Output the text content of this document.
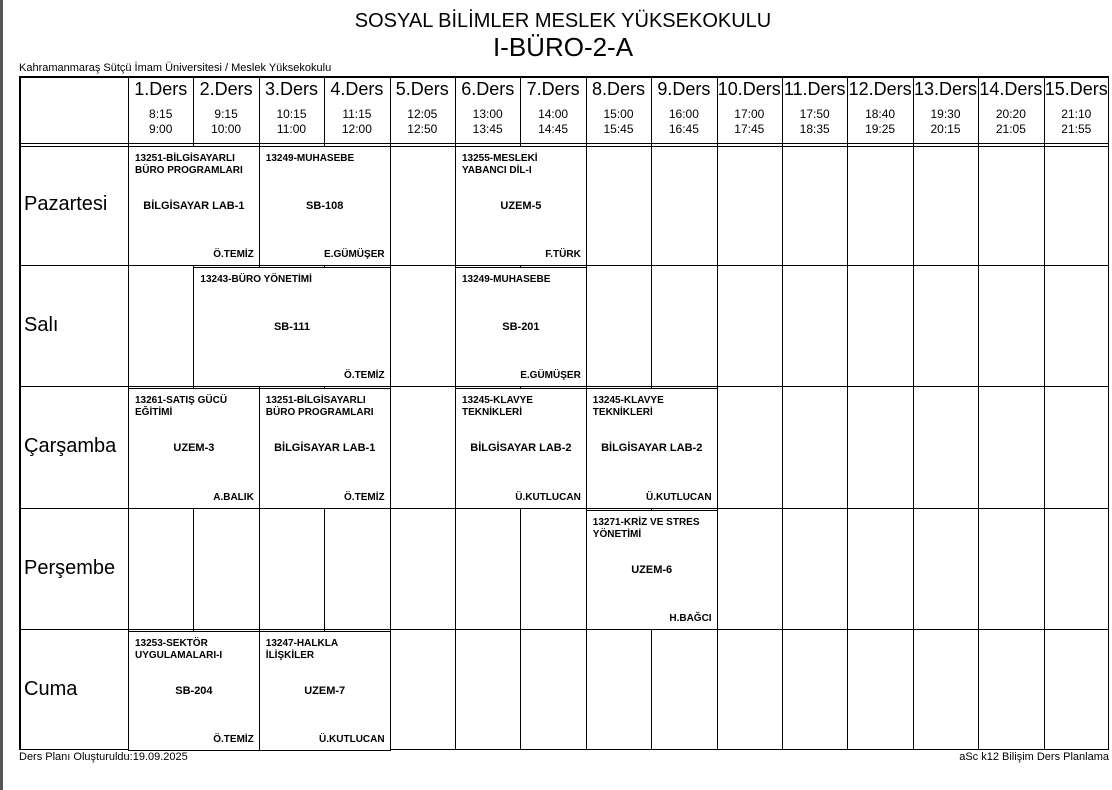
SOSYAL BİLİMLER MESLEK YÜKSEKOKULU
I-BÜRO-2-A
Kahramanmaraş Sütçü İmam Üniversitesi / Meslek Yüksekokulu
1.Ders
8:15
9:00
2.Ders
9:15
10:00
3.Ders
10:15
11:00
4.Ders
11:15
12:00
5.Ders
12:05
12:50
6.Ders
13:00
13:45
7.Ders
14:00
14:45
8.Ders
15:00
15:45
9.Ders
16:00
16:45
10.Ders
17:00
17:45
11.Ders
17:50
18:35
12.Ders
18:40
19:25
13.Ders
19:30
20:15
14.Ders
20:20
21:05
15.Ders
21:10
21:55
Pazartesi
Salı
Çarşamba
Perşembe
Cuma
13251-BİLGİSAYARLI BÜRO PROGRAMLARI
BİLGİSAYAR LAB-1
Ö.TEMİZ
13249-MUHASEBE
SB-108
E.GÜMÜŞER
13255-MESLEKİ YABANCI DİL-I
UZEM-5
F.TÜRK
13243-BÜRO YÖNETİMİ
SB-111
Ö.TEMİZ
13249-MUHASEBE
SB-201
E.GÜMÜŞER
13261-SATIŞ GÜCÜ EĞİTİMİ
UZEM-3
A.BALIK
13251-BİLGİSAYARLI BÜRO PROGRAMLARI
BİLGİSAYAR LAB-1
Ö.TEMİZ
13245-KLAVYE TEKNİKLERİ
BİLGİSAYAR LAB-2
Ü.KUTLUCAN
13245-KLAVYE TEKNİKLERİ
BİLGİSAYAR LAB-2
Ü.KUTLUCAN
13271-KRİZ VE STRES YÖNETİMİ
UZEM-6
H.BAĞCI
13253-SEKTÖR UYGULAMALARI-I
SB-204
Ö.TEMİZ
13247-HALKLA İLİŞKİLER
UZEM-7
Ü.KUTLUCAN
Ders Planı Oluşturuldu:19.09.2025	aSc k12 Bilişim Ders Planlama
